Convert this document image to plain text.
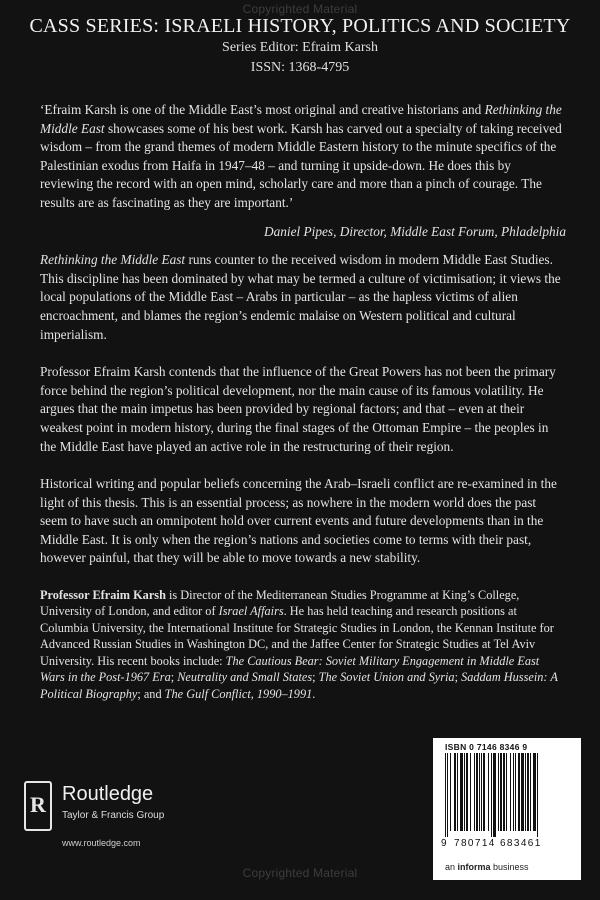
Copyrighted Material
CASS SERIES: ISRAELI HISTORY, POLITICS AND SOCIETY
Series Editor: Efraim Karsh
ISSN: 1368-4795

‘Efraim Karsh is one of the Middle East’s most original and creative historians and Rethinking the Middle East showcases some of his best work. Karsh has carved out a specialty of taking received wisdom – from the grand themes of modern Middle Eastern history to the minute specifics of the Palestinian exodus from Haifa in 1947–48 – and turning it upside-down. He does this by reviewing the record with an open mind, scholarly care and more than a pinch of courage. The results are as fascinating as they are important.’

Daniel Pipes, Director, Middle East Forum, Phladelphia

Rethinking the Middle East runs counter to the received wisdom in modern Middle East Studies. This discipline has been dominated by what may be termed a culture of victimisation; it views the local populations of the Middle East – Arabs in particular – as the hapless victims of alien encroachment, and blames the region’s endemic malaise on Western political and cultural imperialism.

Professor Efraim Karsh contends that the influence of the Great Powers has not been the primary force behind the region’s political development, nor the main cause of its famous volatility. He argues that the main impetus has been provided by regional factors; and that – even at their weakest point in modern history, during the final stages of the Ottoman Empire – the peoples in the Middle East have played an active role in the restructuring of their region.

Historical writing and popular beliefs concerning the Arab–Israeli conflict are re-examined in the light of this thesis. This is an essential process; as nowhere in the modern world does the past seem to have such an omnipotent hold over current events and future developments than in the Middle East. It is only when the region’s nations and societies come to terms with their past, however painful, that they will be able to move towards a new stability.

Professor Efraim Karsh is Director of the Mediterranean Studies Programme at King’s College, University of London, and editor of Israel Affairs. He has held teaching and research positions at Columbia University, the International Institute for Strategic Studies in London, the Kennan Institute for Advanced Russian Studies in Washington DC, and the Jaffee Center for Strategic Studies at Tel Aviv University. His recent books include: The Cautious Bear: Soviet Military Engagement in Middle East Wars in the Post-1967 Era; Neutrality and Small States; The Soviet Union and Syria; Saddam Hussein: A Political Biography; and The Gulf Conflict, 1990–1991.

R Routledge
Taylor & Francis Group
www.routledge.com
ISBN 0 7146 8346 9
9 780714 683461
an informa business
Copyrighted Material
